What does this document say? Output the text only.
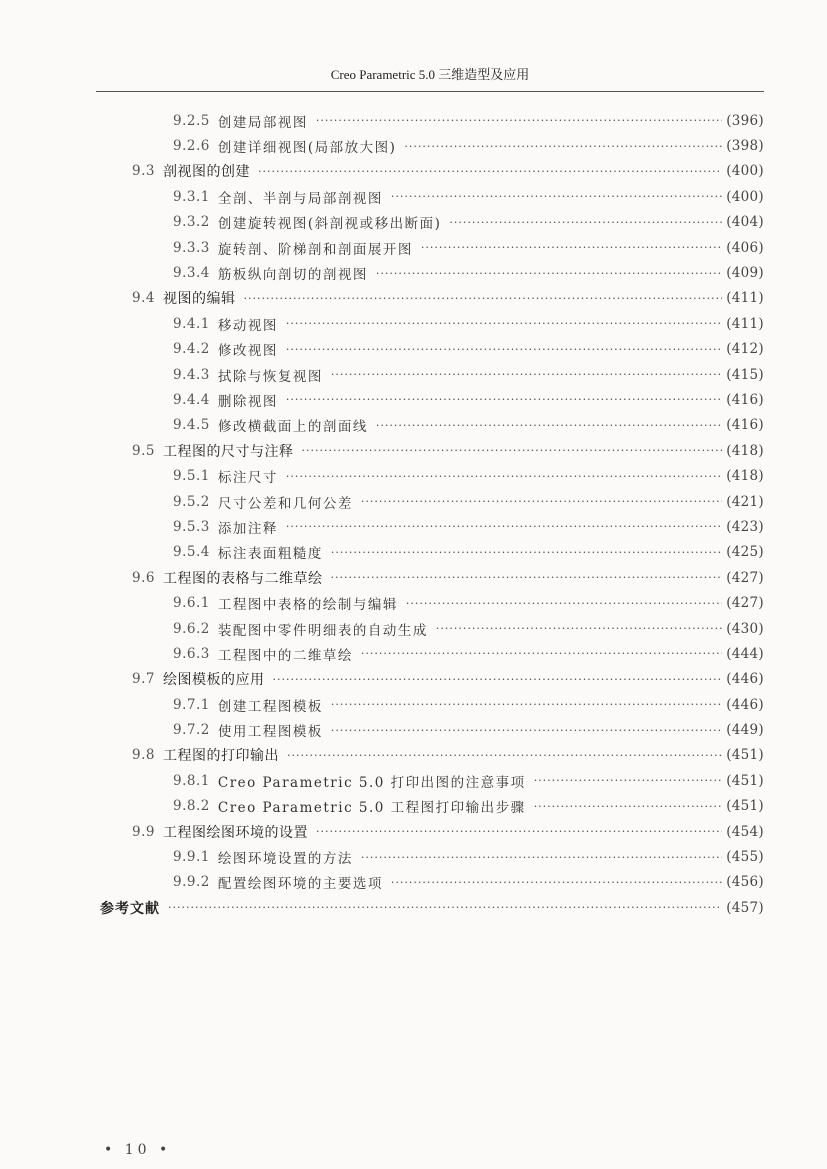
Creo Parametric 5.0 三维造型及应用
9.2.5 创建局部视图 ·····	(396)
9.2.6 创建详细视图(局部放大图) ·····	(398)
9.3 剖视图的创建 ·····	(400)
9.3.1 全剖、半剖与局部剖视图 ·····	(400)
9.3.2 创建旋转视图(斜剖视或移出断面) ·····	(404)
9.3.3 旋转剖、阶梯剖和剖面展开图 ·····	(406)
9.3.4 筋板纵向剖切的剖视图 ·····	(409)
9.4 视图的编辑 ·····	(411)
9.4.1 移动视图 ·····	(411)
9.4.2 修改视图 ·····	(412)
9.4.3 拭除与恢复视图 ·····	(415)
9.4.4 删除视图 ·····	(416)
9.4.5 修改横截面上的剖面线 ·····	(416)
9.5 工程图的尺寸与注释 ·····	(418)
9.5.1 标注尺寸 ·····	(418)
9.5.2 尺寸公差和几何公差 ·····	(421)
9.5.3 添加注释 ·····	(423)
9.5.4 标注表面粗糙度 ·····	(425)
9.6 工程图的表格与二维草绘 ·····	(427)
9.6.1 工程图中表格的绘制与编辑 ·····	(427)
9.6.2 装配图中零件明细表的自动生成 ·····	(430)
9.6.3 工程图中的二维草绘 ·····	(444)
9.7 绘图模板的应用 ·····	(446)
9.7.1 创建工程图模板 ·····	(446)
9.7.2 使用工程图模板 ·····	(449)
9.8 工程图的打印输出 ·····	(451)
9.8.1 Creo Parametric 5.0 打印出图的注意事项 ·····	(451)
9.8.2 Creo Parametric 5.0 工程图打印输出步骤 ·····	(451)
9.9 工程图绘图环境的设置 ·····	(454)
9.9.1 绘图环境设置的方法 ·····	(455)
9.9.2 配置绘图环境的主要选项 ·····	(456)
参考文献 ·····	(457)
• 10 •
